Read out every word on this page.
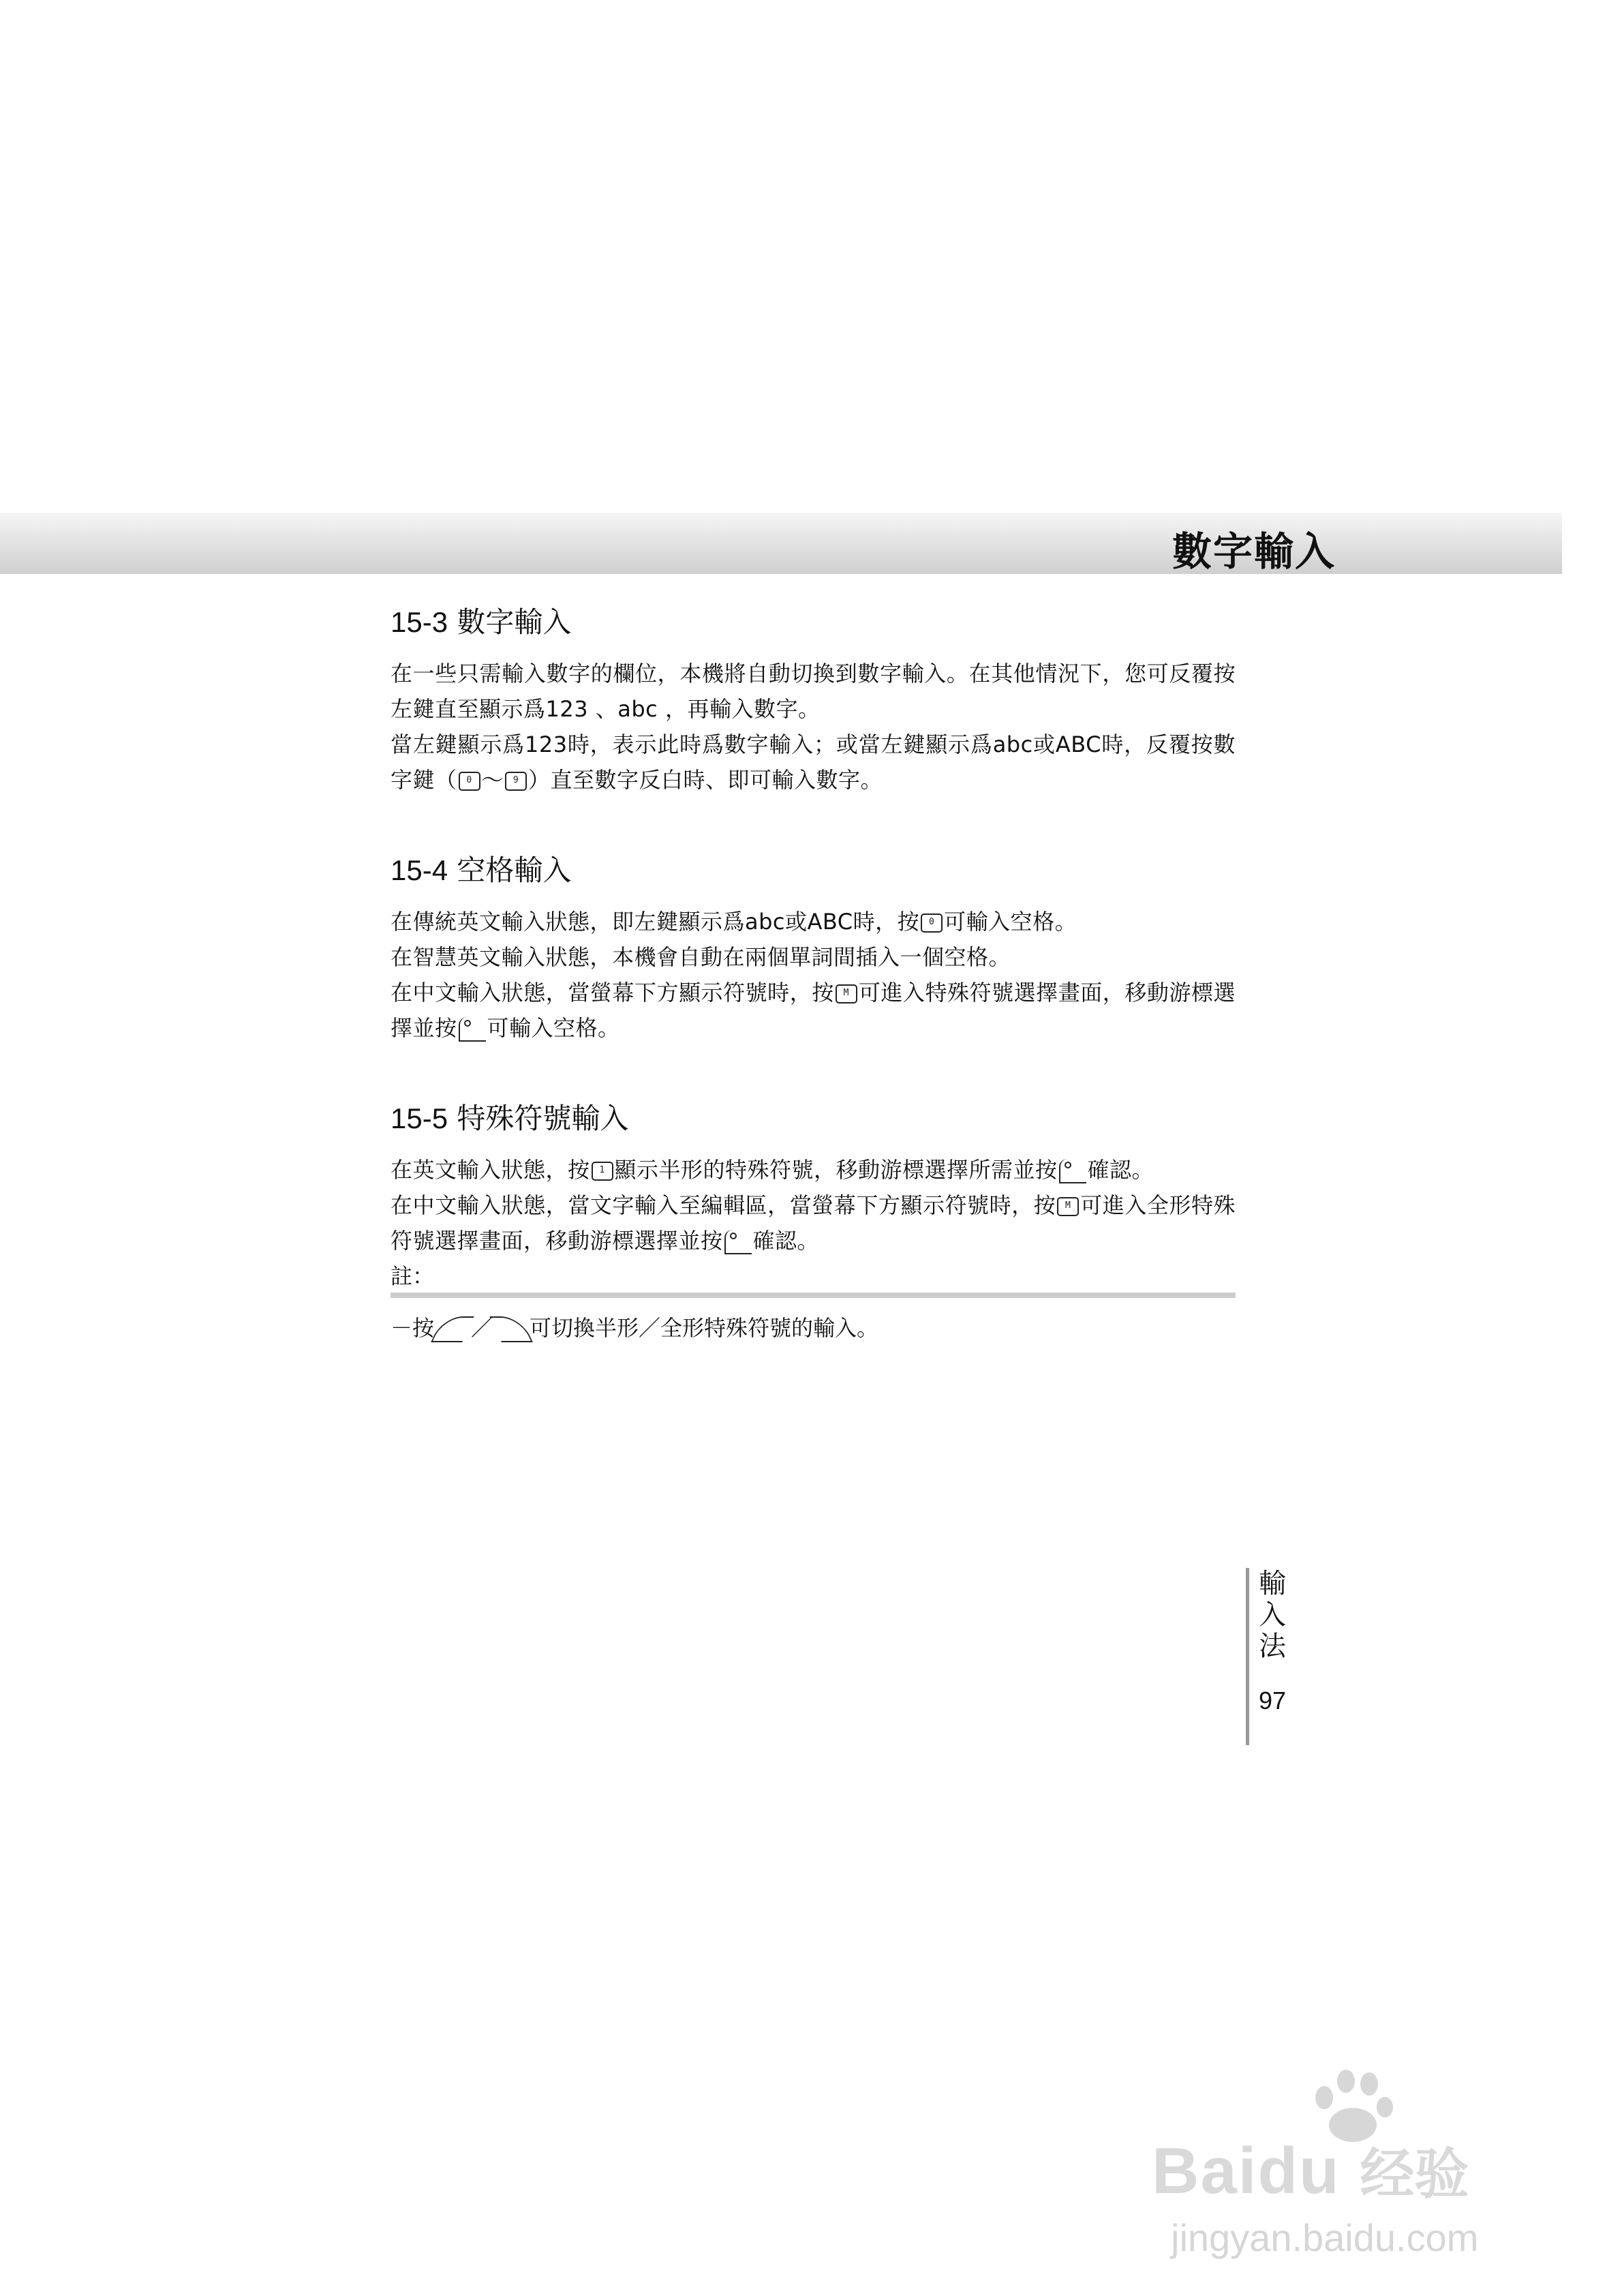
數字輸入
15-3 數字輸入

在一些只需輸入數字的欄位，本機將自動切換到數字輸入。在其他情況下，您可反覆按左鍵直至顯示爲123 、abc ，再輸入數字。

當左鍵顯示爲123時，表示此時爲數字輸入；或當左鍵顯示爲abc或ABC時，反覆按數字鍵（ 0 ～ 9 ）直至數字反白時、即可輸入數字。

15-4 空格輸入

在傳統英文輸入狀態，即左鍵顯示爲abc或ABC時，按 0 可輸入空格。

在智慧英文輸入狀態，本機會自動在兩個單詞間插入一個空格。

在中文輸入狀態，當螢幕下方顯示符號時，按 M 可進入特殊符號選擇畫面，移動游標選擇並按 可輸入空格。

15-5 特殊符號輸入

在英文輸入狀態，按 1 顯示半形的特殊符號，移動游標選擇所需並按 確認。

在中文輸入狀態，當文字輸入至編輯區，當螢幕下方顯示符號時，按 M 可進入全形特殊符號選擇畫面，移動游標選擇並按 確認。

註：
－按 ／ 可切換半形／全形特殊符號的輸入。
輸入法
97
Baidu 经验
jingyan.baidu.com
